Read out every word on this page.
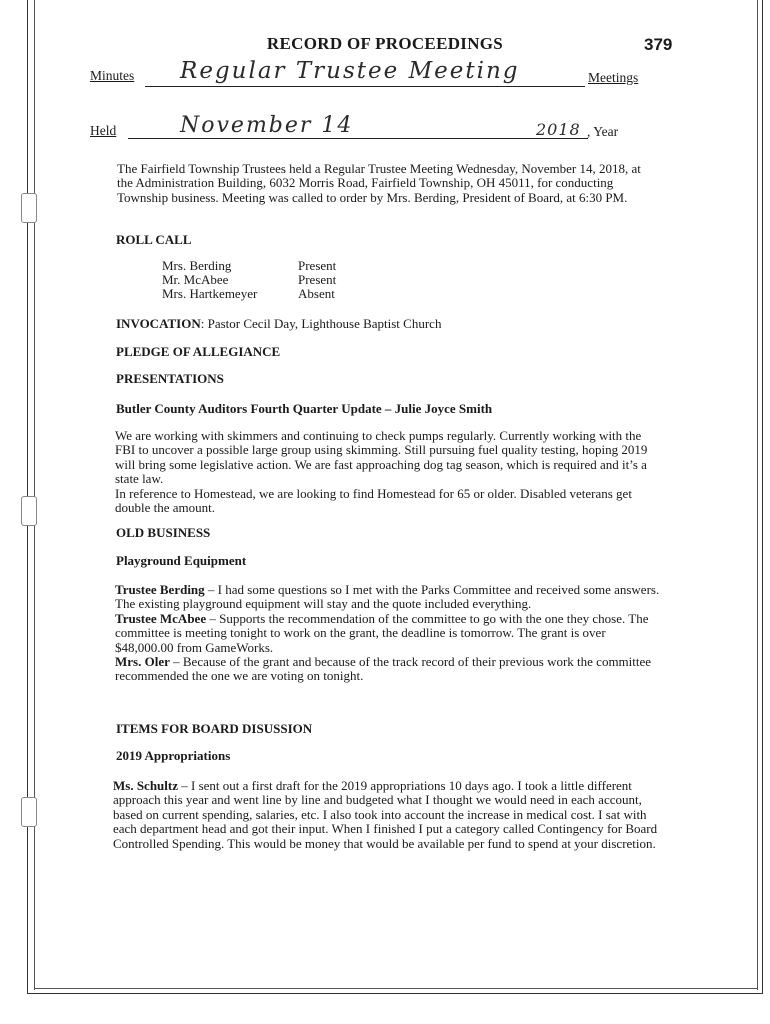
RECORD OF PROCEEDINGS	379
Minutes Regular Trustee Meeting	Meetings
Held	November 14	2018 , Year
The Fairfield Township Trustees held a Regular Trustee Meeting Wednesday, November 14, 2018, at the Administration Building, 6032 Morris Road, Fairfield Township, OH 45011, for conducting Township business. Meeting was called to order by Mrs. Berding, President of Board, at 6:30 PM.
ROLL CALL
Mrs. Berding	Present
Mr. McAbee	Present
Mrs. Hartkemeyer	Absent
INVOCATION: Pastor Cecil Day, Lighthouse Baptist Church
PLEDGE OF ALLEGIANCE
PRESENTATIONS
Butler County Auditors Fourth Quarter Update – Julie Joyce Smith

We are working with skimmers and continuing to check pumps regularly. Currently working with the FBI to uncover a possible large group using skimming. Still pursuing fuel quality testing, hoping 2019 will bring some legislative action. We are fast approaching dog tag season, which is required and it’s a state law.

In reference to Homestead, we are looking to find Homestead for 65 or older. Disabled veterans get double the amount.

OLD BUSINESS
Playground Equipment

Trustee Berding – I had some questions so I met with the Parks Committee and received some answers. The existing playground equipment will stay and the quote included everything.

Trustee McAbee – Supports the recommendation of the committee to go with the one they chose. The committee is meeting tonight to work on the grant, the deadline is tomorrow. The grant is over $48,000.00 from GameWorks.

Mrs. Oler – Because of the grant and because of the track record of their previous work the committee recommended the one we are voting on tonight.

ITEMS FOR BOARD DISUSSION
2019 Appropriations

Ms. Schultz – I sent out a first draft for the 2019 appropriations 10 days ago. I took a little different approach this year and went line by line and budgeted what I thought we would need in each account, based on current spending, salaries, etc. I also took into account the increase in medical cost. I sat with each department head and got their input. When I finished I put a category called Contingency for Board Controlled Spending. This would be money that would be available per fund to spend at your discretion.
